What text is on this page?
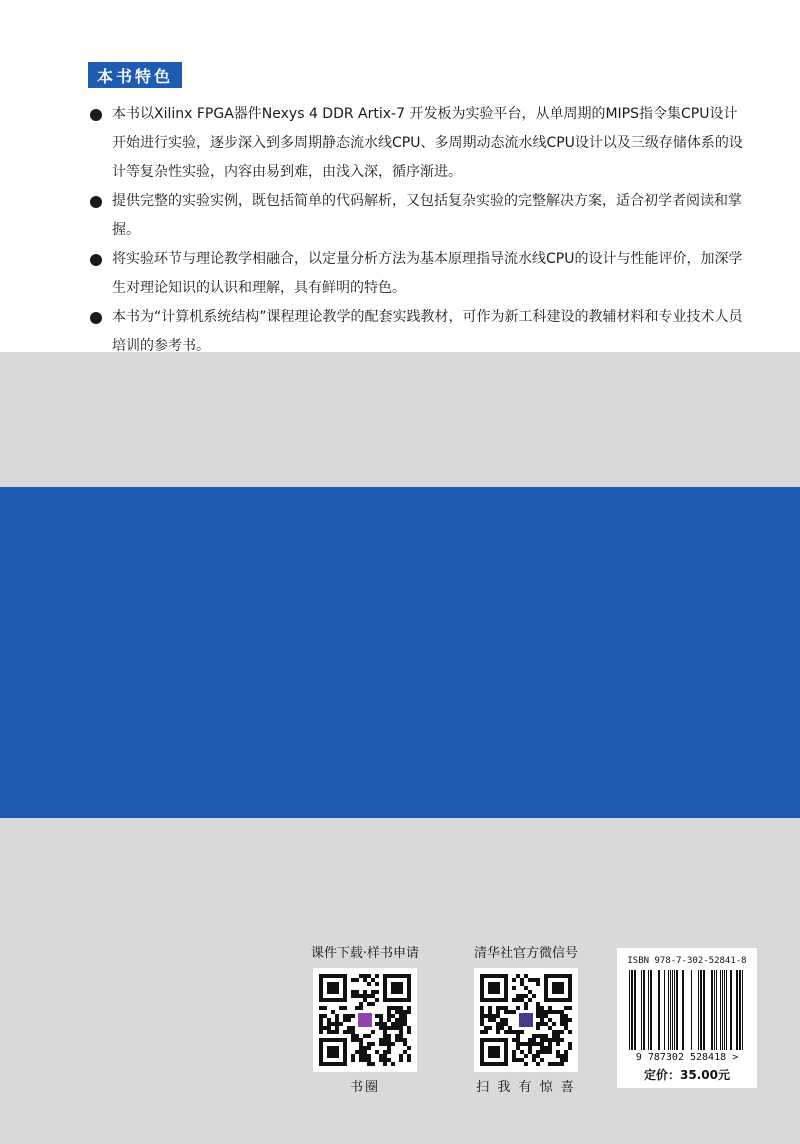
本书特色
本书以Xilinx FPGA器件Nexys 4 DDR Artix-7 开发板为实验平台，从单周期的MIPS指令集CPU设计开始进行实验，逐步深入到多周期静态流水线CPU、多周期动态流水线CPU设计以及三级存储体系的设计等复杂性实验，内容由易到难，由浅入深，循序渐进。
提供完整的实验实例，既包括简单的代码解析，又包括复杂实验的完整解决方案，适合初学者阅读和掌握。
将实验环节与理论教学相融合，以定量分析方法为基本原理指导流水线CPU的设计与性能评价，加深学生对理论知识的认识和理解，具有鲜明的特色。
本书为“计算机系统结构”课程理论教学的配套实践教材，可作为新工科建设的教辅材料和专业技术人员培训的参考书。
课件下载·样书申请
书圈
清华社官方微信号
扫 我 有 惊 喜
ISBN 978-7-302-52841-8
9 787302 528418 >
定价：35.00元
